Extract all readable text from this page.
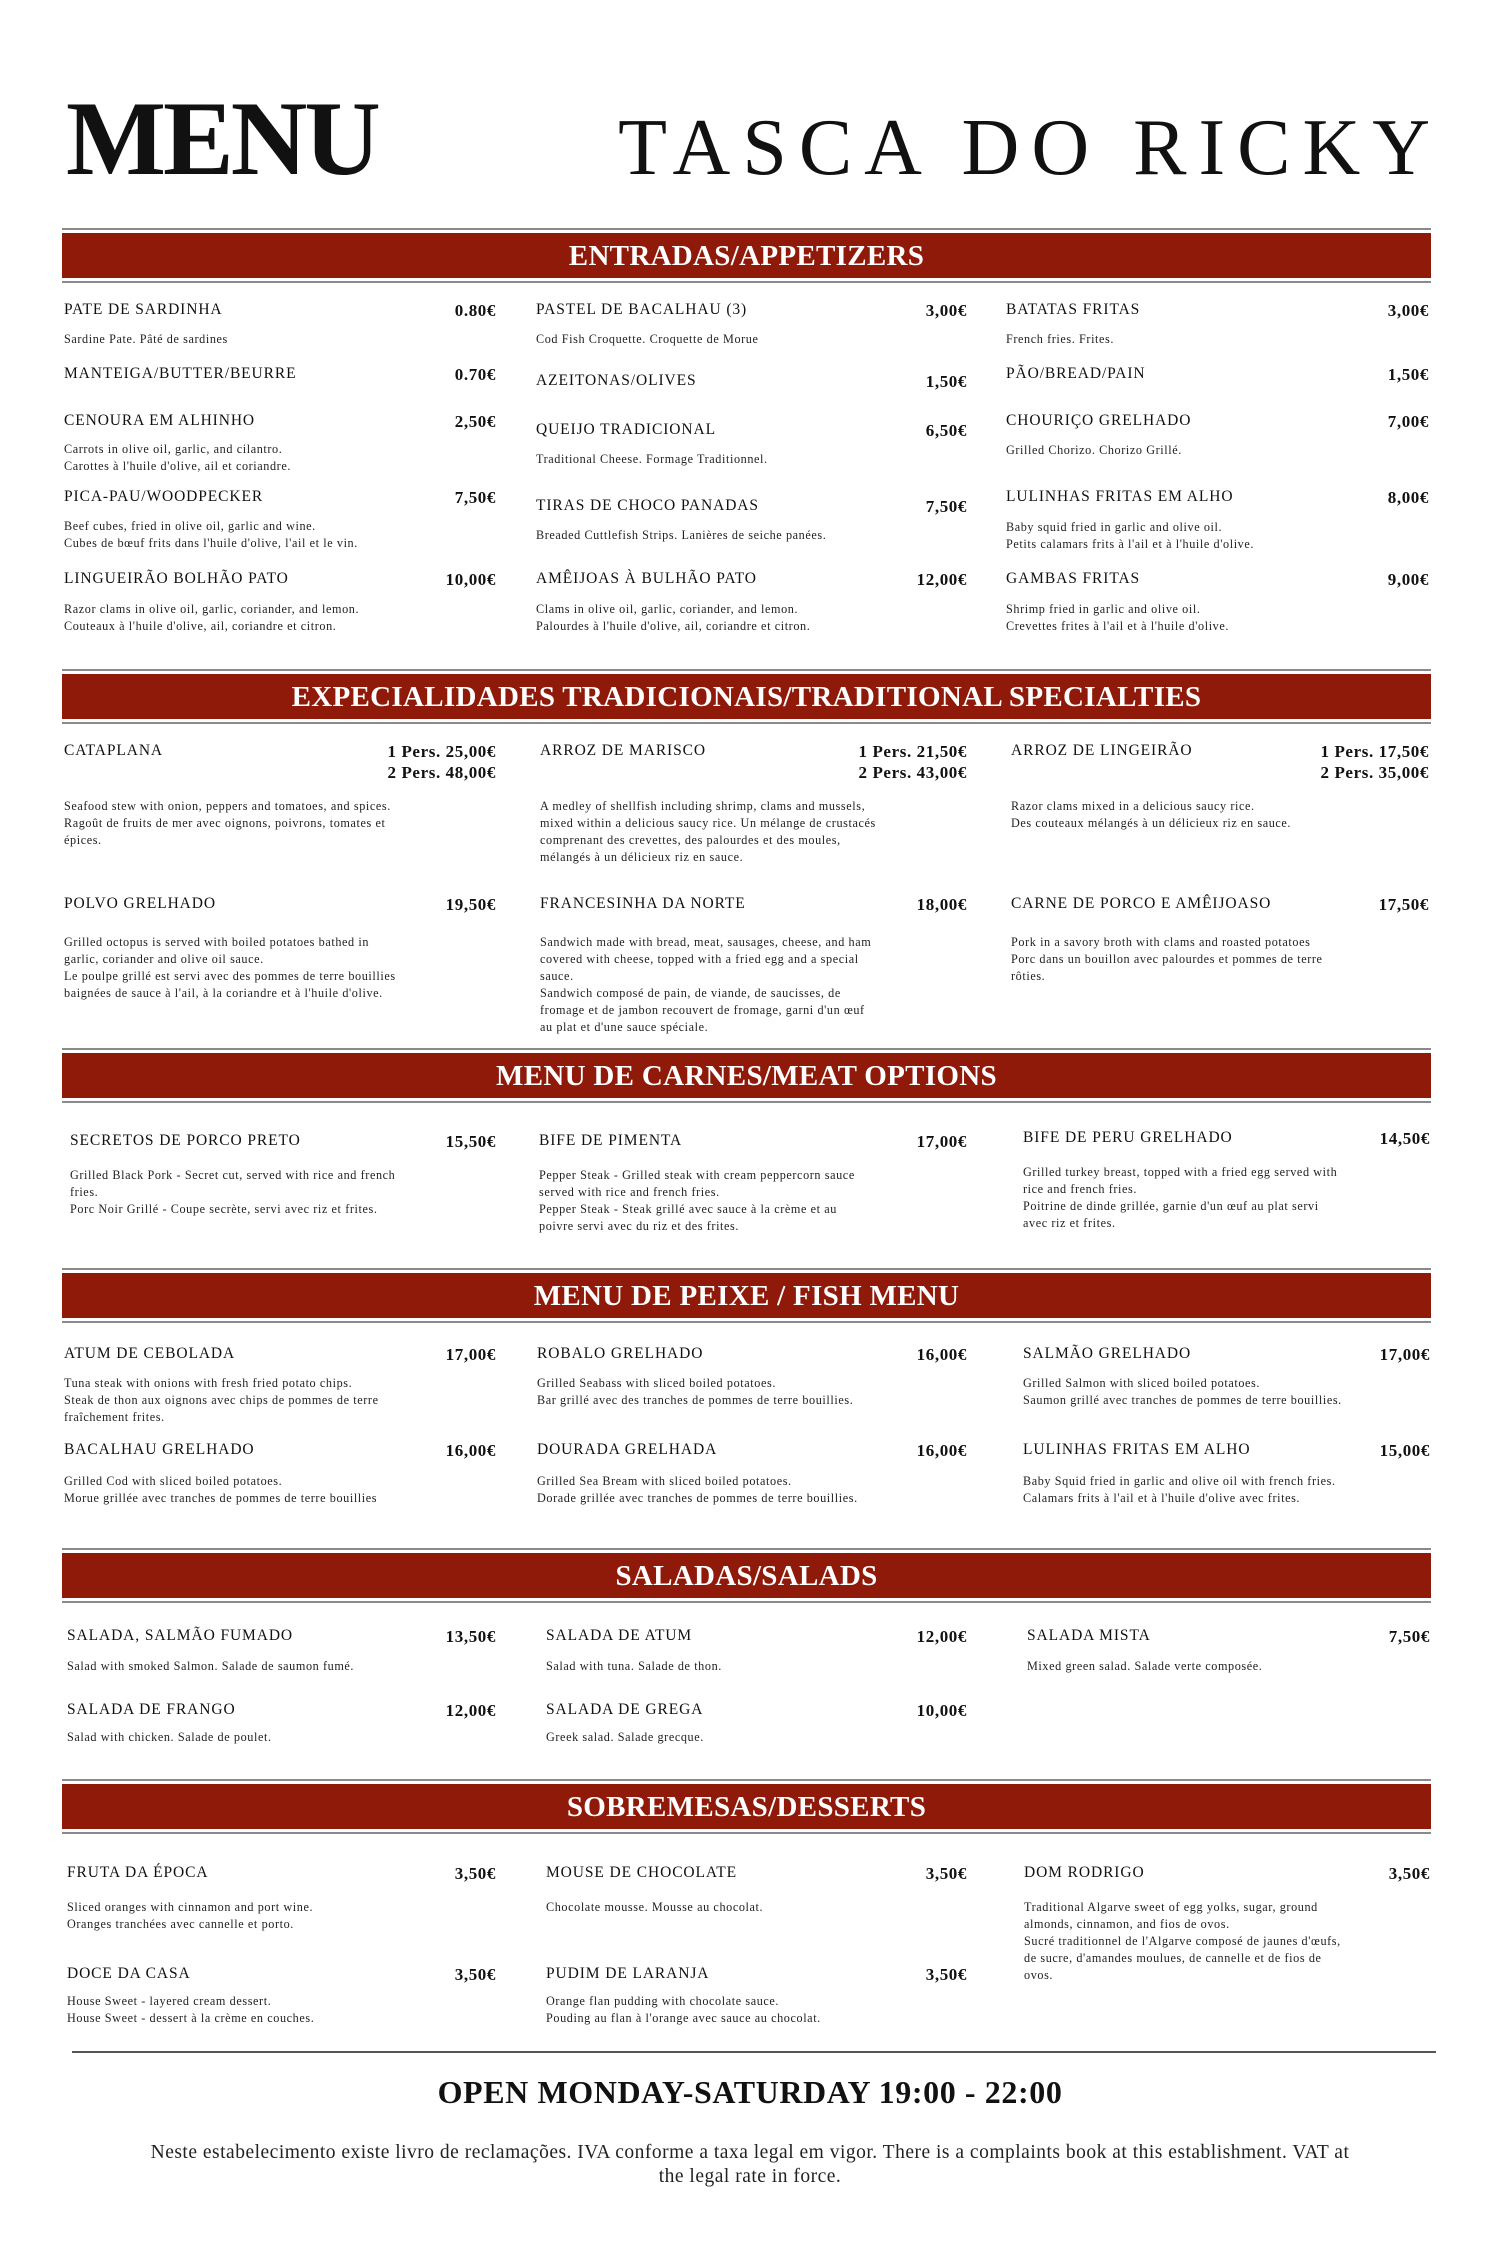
MENU	TASCA DO RICKY
ENTRADAS/APPETIZERS
PATE DE SARDINHA	0.80€
Sardine Pate. Pâté de sardines
MANTEIGA/BUTTER/BEURRE	0.70€
CENOURA EM ALHINHO	2,50€
Carrots in olive oil, garlic, and cilantro.
Carottes à l'huile d'olive, ail et coriandre.
PICA-PAU/WOODPECKER	7,50€
Beef cubes, fried in olive oil, garlic and wine.
Cubes de bœuf frits dans l'huile d'olive, l'ail et le vin.
LINGUEIRÃO BOLHÃO PATO	10,00€
Razor clams in olive oil, garlic, coriander, and lemon.
Couteaux à l'huile d'olive, ail, coriandre et citron.
PASTEL DE BACALHAU (3)	3,00€
Cod Fish Croquette. Croquette de Morue
AZEITONAS/OLIVES	1,50€
QUEIJO TRADICIONAL	6,50€
Traditional Cheese. Formage Traditionnel.
TIRAS DE CHOCO PANADAS	7,50€
Breaded Cuttlefish Strips. Lanières de seiche panées.
AMÊIJOAS À BULHÃO PATO	12,00€
Clams in olive oil, garlic, coriander, and lemon.
Palourdes à l'huile d'olive, ail, coriandre et citron.
BATATAS FRITAS	3,00€
French fries. Frites.
PÃO/BREAD/PAIN	1,50€
CHOURIÇO GRELHADO	7,00€
Grilled Chorizo. Chorizo Grillé.
LULINHAS FRITAS EM ALHO	8,00€
Baby squid fried in garlic and olive oil.
Petits calamars frits à l'ail et à l'huile d'olive.
GAMBAS FRITAS	9,00€
Shrimp fried in garlic and olive oil.
Crevettes frites à l'ail et à l'huile d'olive.
EXPECIALIDADES TRADICIONAIS/TRADITIONAL SPECIALTIES
CATAPLANA	1 Pers. 25,00€
2 Pers. 48,00€
Seafood stew with onion, peppers and tomatoes, and spices.
Ragoût de fruits de mer avec oignons, poivrons, tomates et
épices.
POLVO GRELHADO	19,50€
Grilled octopus is served with boiled potatoes bathed in
garlic, coriander and olive oil sauce.
Le poulpe grillé est servi avec des pommes de terre bouillies
baignées de sauce à l'ail, à la coriandre et à l'huile d'olive.
ARROZ DE MARISCO	1 Pers. 21,50€
2 Pers. 43,00€
A medley of shellfish including shrimp, clams and mussels,
mixed within a delicious saucy rice. Un mélange de crustacés
comprenant des crevettes, des palourdes et des moules,
mélangés à un délicieux riz en sauce.
FRANCESINHA DA NORTE	18,00€
Sandwich made with bread, meat, sausages, cheese, and ham
covered with cheese, topped with a fried egg and a special
sauce.
Sandwich composé de pain, de viande, de saucisses, de
fromage et de jambon recouvert de fromage, garni d'un œuf
au plat et d'une sauce spéciale.
ARROZ DE LINGEIRÃO	1 Pers. 17,50€
2 Pers. 35,00€
Razor clams mixed in a delicious saucy rice.
Des couteaux mélangés à un délicieux riz en sauce.
CARNE DE PORCO E AMÊIJOASO	17,50€
Pork in a savory broth with clams and roasted potatoes
Porc dans un bouillon avec palourdes et pommes de terre
rôties.
MENU DE CARNES/MEAT OPTIONS
SECRETOS DE PORCO PRETO	15,50€
Grilled Black Pork - Secret cut, served with rice and french
fries.
Porc Noir Grillé - Coupe secrète, servi avec riz et frites.
BIFE DE PIMENTA	17,00€
Pepper Steak - Grilled steak with cream peppercorn sauce
served with rice and french fries.
Pepper Steak - Steak grillé avec sauce à la crème et au
poivre servi avec du riz et des frites.
BIFE DE PERU GRELHADO	14,50€
Grilled turkey breast, topped with a fried egg served with
rice and french fries.
Poitrine de dinde grillée, garnie d'un œuf au plat servi
avec riz et frites.
MENU DE PEIXE / FISH MENU
ATUM DE CEBOLADA	17,00€
Tuna steak with onions with fresh fried potato chips.
Steak de thon aux oignons avec chips de pommes de terre
fraîchement frites.
BACALHAU GRELHADO	16,00€
Grilled Cod with sliced boiled potatoes.
Morue grillée avec tranches de pommes de terre bouillies
ROBALO GRELHADO	16,00€
Grilled Seabass with sliced boiled potatoes.
Bar grillé avec des tranches de pommes de terre bouillies.
DOURADA GRELHADA	16,00€
Grilled Sea Bream with sliced boiled potatoes.
Dorade grillée avec tranches de pommes de terre bouillies.
SALMÃO GRELHADO	17,00€
Grilled Salmon with sliced boiled potatoes.
Saumon grillé avec tranches de pommes de terre bouillies.
LULINHAS FRITAS EM ALHO	15,00€
Baby Squid fried in garlic and olive oil with french fries.
Calamars frits à l'ail et à l'huile d'olive avec frites.
SALADAS/SALADS
SALADA, SALMÃO FUMADO	13,50€
Salad with smoked Salmon. Salade de saumon fumé.
SALADA DE FRANGO	12,00€
Salad with chicken. Salade de poulet.
SALADA DE ATUM	12,00€
Salad with tuna. Salade de thon.
SALADA DE GREGA	10,00€
Greek salad. Salade grecque.
SALADA MISTA	7,50€
Mixed green salad. Salade verte composée.
SOBREMESAS/DESSERTS
FRUTA DA ÉPOCA	3,50€
Sliced oranges with cinnamon and port wine.
Oranges tranchées avec cannelle et porto.
DOCE DA CASA	3,50€
House Sweet - layered cream dessert.
House Sweet - dessert à la crème en couches.
MOUSE DE CHOCOLATE	3,50€
Chocolate mousse. Mousse au chocolat.
PUDIM DE LARANJA	3,50€
Orange flan pudding with chocolate sauce.
Pouding au flan à l'orange avec sauce au chocolat.
DOM RODRIGO	3,50€
Traditional Algarve sweet of egg yolks, sugar, ground
almonds, cinnamon, and fios de ovos.
Sucré traditionnel de l'Algarve composé de jaunes d'œufs,
de sucre, d'amandes moulues, de cannelle et de fios de
ovos.
OPEN MONDAY-SATURDAY 19:00 - 22:00
Neste estabelecimento existe livro de reclamações. IVA conforme a taxa legal em vigor. There is a complaints book at this establishment. VAT at
the legal rate in force.
